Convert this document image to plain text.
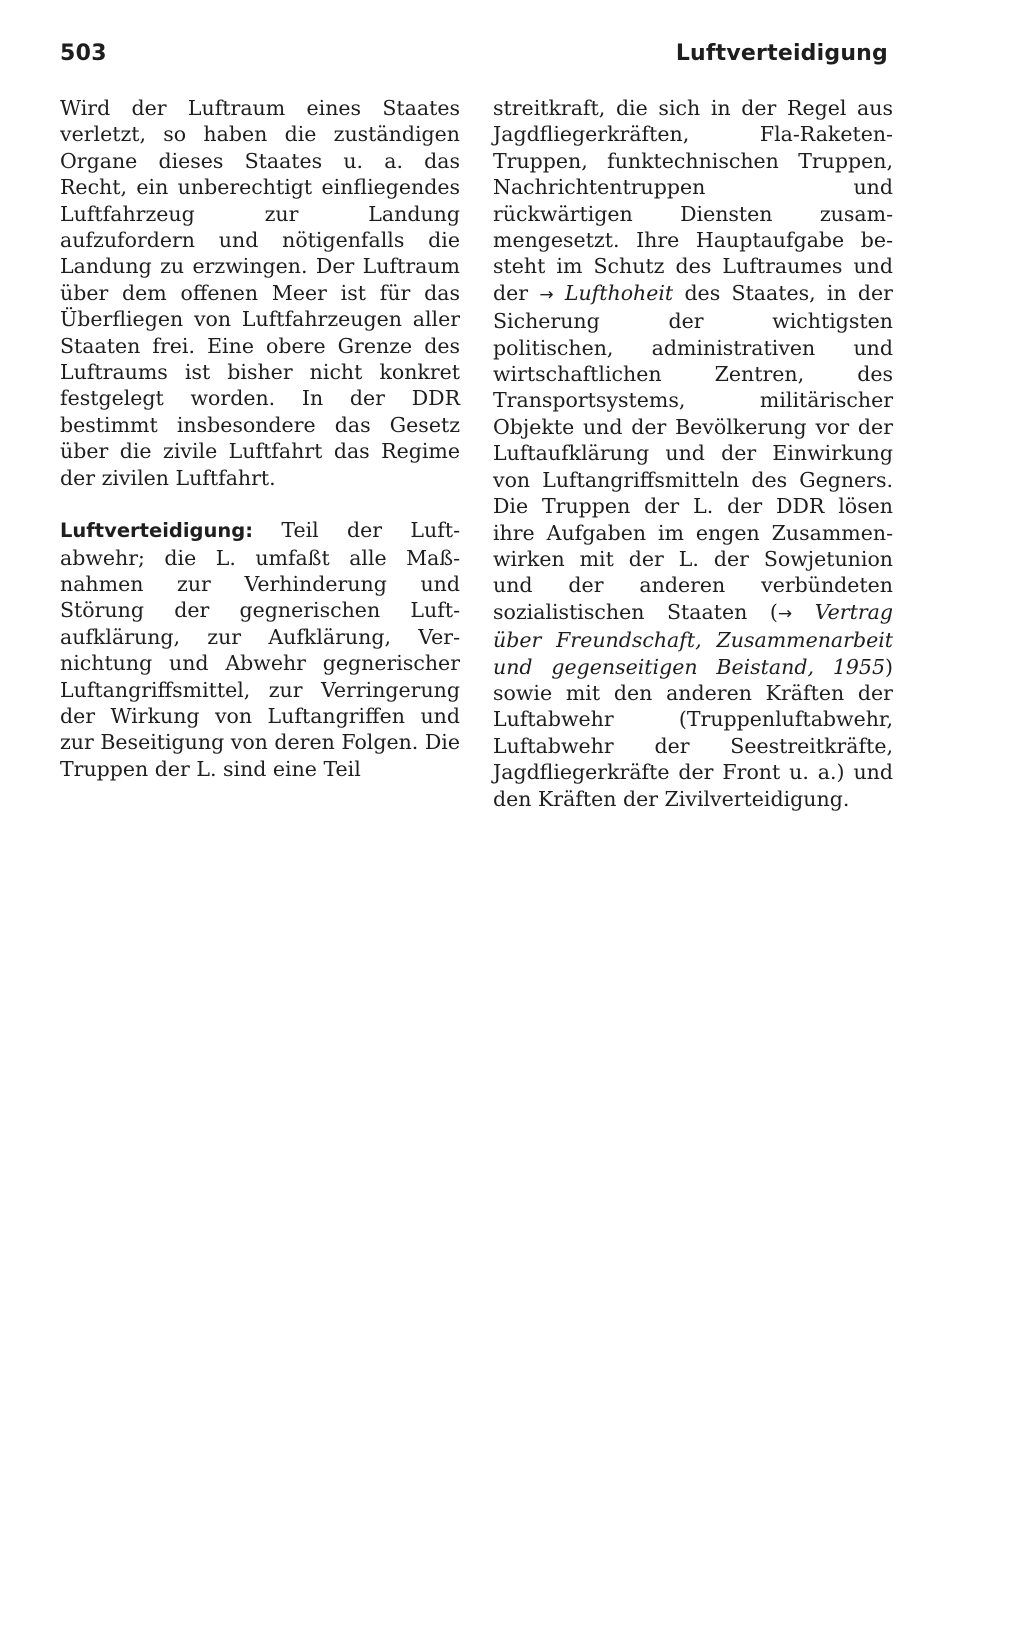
503	Luftverteidigung

Wird der Luftraum eines Staates verletzt, so haben die zuständigen Organe dieses Staates u. a. das Recht, ein unberechtigt einfliegendes Luftfahrzeug zur Landung aufzufordern und nötigenfalls die Landung zu erzwingen. Der Luftraum über dem offenen Meer ist für das Überfliegen von Luftfahrzeugen aller Staaten frei. Eine obere Grenze des Luftraums ist bisher nicht konkret festgelegt worden. In der DDR bestimmt insbesondere das Gesetz über die zivile Luftfahrt das Regime der zivilen Luftfahrt.

Luftverteidigung: Teil der Luftabwehr; die L. umfaßt alle Maßnahmen zur Verhinderung und Störung der gegnerischen Luftaufklärung, zur Aufklärung, Vernichtung und Abwehr gegnerischer Luftangriffsmittel, zur Verringerung der Wirkung von Luftangriffen und zur Beseitigung von deren Folgen. Die Truppen der L. sind eine Teil

streitkraft, die sich in der Regel aus Jagdfliegerkräften, Fla-Raketen-Truppen, funktechnischen Truppen, Nachrichtentruppen und rückwärtigen Diensten zusammengesetzt. Ihre Hauptaufgabe besteht im Schutz des Luftraumes und der → Lufthoheit des Staates, in der Sicherung der wichtigsten politischen, administrativen und wirtschaftlichen Zentren, des Transportsystems, militärischer Objekte und der Bevölkerung vor der Luftaufklärung und der Einwirkung von Luftangriffsmitteln des Gegners. Die Truppen der L. der DDR lösen ihre Aufgaben im engen Zusammenwirken mit der L. der Sowjetunion und der anderen verbündeten sozialistischen Staaten (→ Vertrag über Freundschaft, Zusammenarbeit und gegenseitigen Beistand, 1955) sowie mit den anderen Kräften der Luftabwehr (Truppenluftabwehr, Luftabwehr der Seestreitkräfte, Jagdfliegerkräfte der Front u. a.) und den Kräften der Zivilverteidigung.
